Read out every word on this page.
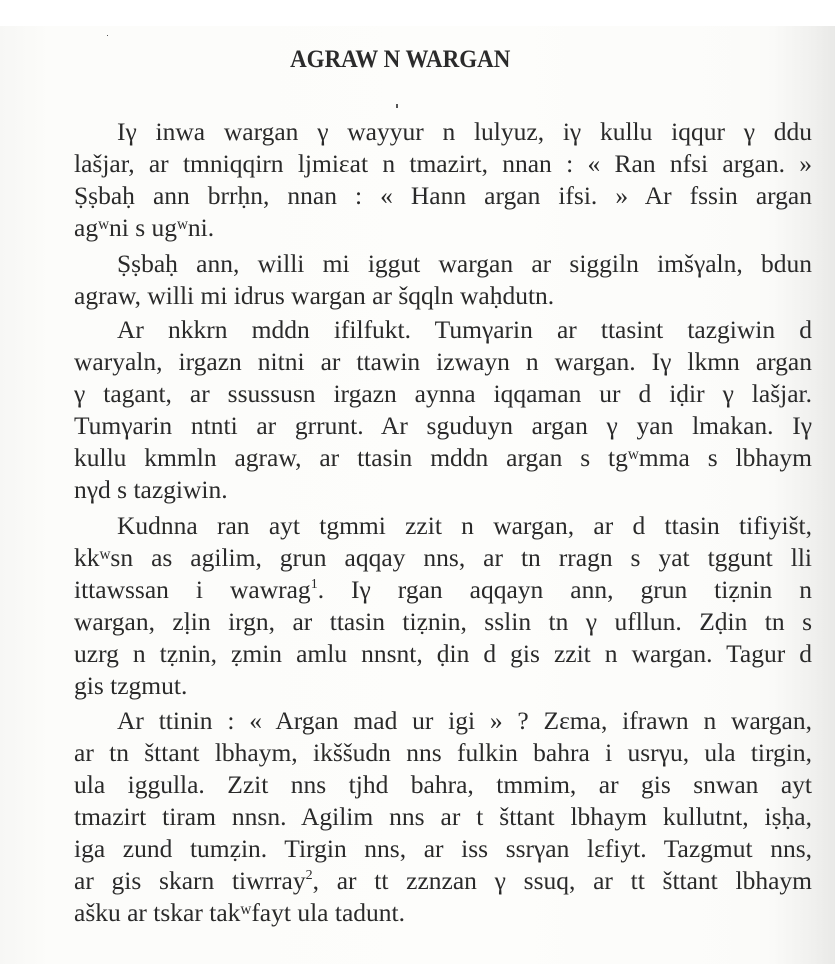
AGRAW N WARGAN
Iγ inwa wargan γ wayyur n lulyuz, iγ kullu iqqur γ ddu
lašjar, ar tmniqqirn ljmiεat n tmazirt, nnan : « Ran nfsi argan. »
Ṣṣbaḥ ann brrḥn, nnan : « Hann argan ifsi. » Ar fssin argan
agʷni s ugʷni.
Ṣṣbaḥ ann, willi mi iggut wargan ar siggiln imšγaln, bdun
agraw, willi mi idrus wargan ar šqqln waḥdutn.
Ar nkkrn mddn ifilfukt. Tumγarin ar ttasint tazgiwin d
waryaln, irgazn nitni ar ttawin izwayn n wargan. Iγ lkmn argan
γ tagant, ar ssussusn irgazn aynna iqqaman ur d iḍir γ lašjar.
Tumγarin ntnti ar grrunt. Ar sguduyn argan γ yan lmakan. Iγ
kullu kmmln agraw, ar ttasin mddn argan s tgʷmma s lbhaym
nγd s tazgiwin.
Kudnna ran ayt tgmmi zzit n wargan, ar d ttasin tifiyišt,
kkʷsn as agilim, grun aqqay nns, ar tn rragn s yat tggunt lli
ittawssan i wawrag$^1$. Iγ rgan aqqayn ann, grun tiẓnin n
wargan, zḷin irgn, ar ttasin tiẓnin, sslin tn γ ufllun. Zḍin tn s
uzrg n tẓnin, ẓmin amlu nnsnt, ḍin d gis zzit n wargan. Tagur d
gis tzgmut.
Ar ttinin : « Argan mad ur igi » ? Zεma, ifrawn n wargan,
ar tn šttant lbhaym, ikššudn nns fulkin bahra i usrγu, ula tirgin,
ula iggulla. Zzit nns tjhd bahra, tmmim, ar gis snwan ayt
tmazirt tiram nnsn. Agilim nns ar t šttant lbhaym kullutnt, iṣḥa,
iga zund tumẓin. Tirgin nns, ar iss ssrγan lεfiyt. Tazgmut nns,
ar gis skarn tiwrray$^2$, ar tt zznzan γ ssuq, ar tt šttant lbhaym
ašku ar tskar takʷfayt ula tadunt.
